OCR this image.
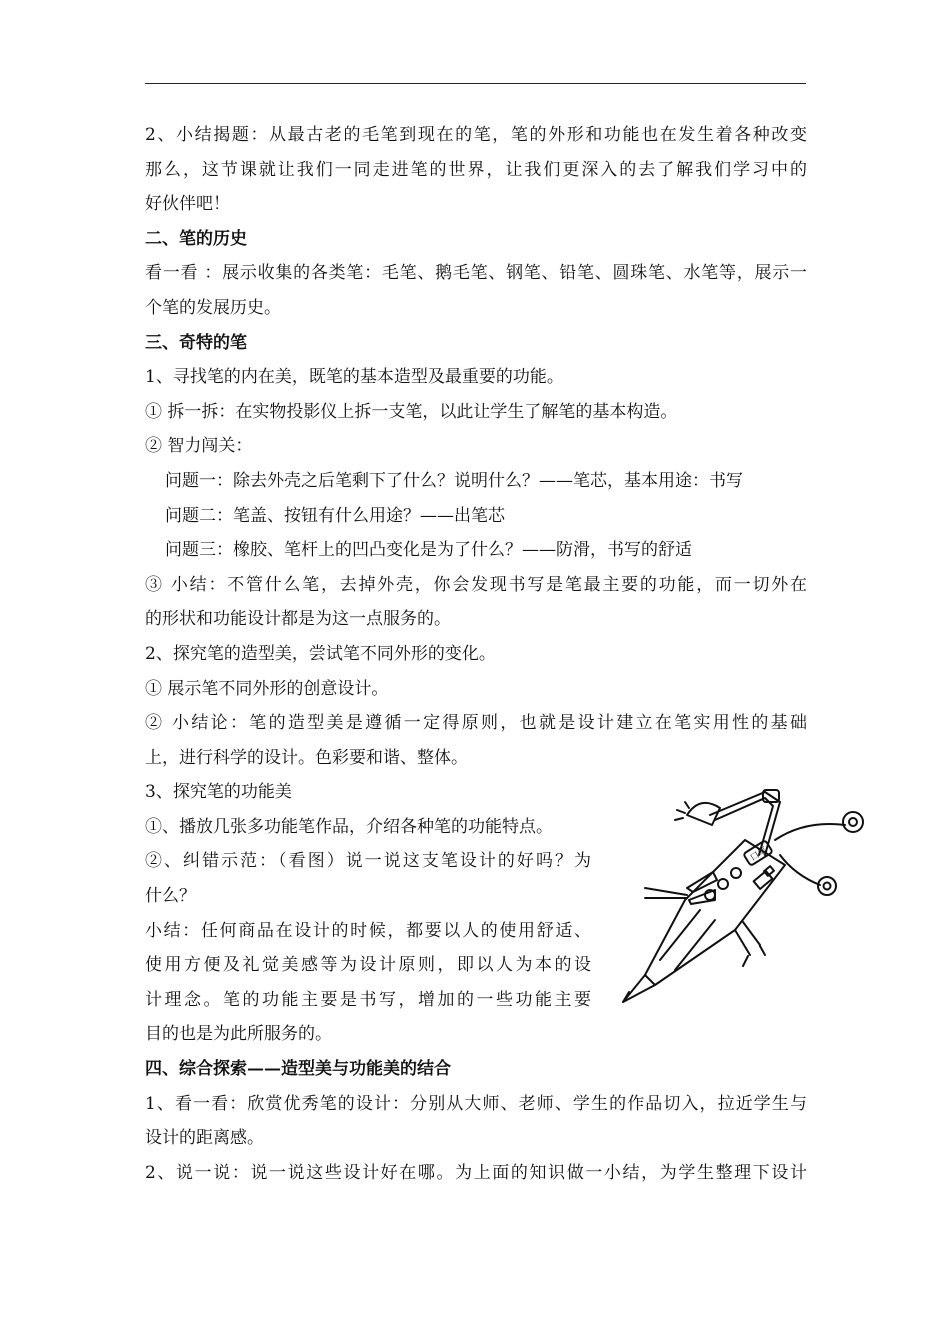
2、小结揭题：从最古老的毛笔到现在的笔，笔的外形和功能也在发生着各种改变
那么，这节课就让我们一同走进笔的世界，让我们更深入的去了解我们学习中的
好伙伴吧！
二、笔的历史
看一看 ：展示收集的各类笔：毛笔、鹅毛笔、钢笔、铅笔、圆珠笔、水笔等，展示一
个笔的发展历史。
三、奇特的笔
1、寻找笔的内在美，既笔的基本造型及最重要的功能。
① 拆一拆：在实物投影仪上拆一支笔，以此让学生了解笔的基本构造。
② 智力闯关：
问题一：除去外壳之后笔剩下了什么？说明什么？——笔芯，基本用途：书写
问题二：笔盖、按钮有什么用途？——出笔芯
问题三：橡胶、笔杆上的凹凸变化是为了什么？——防滑，书写的舒适
③ 小结：不管什么笔，去掉外壳，你会发现书写是笔最主要的功能，而一切外在
的形状和功能设计都是为这一点服务的。
2、探究笔的造型美，尝试笔不同外形的变化。
① 展示笔不同外形的创意设计。
② 小结论：笔的造型美是遵循一定得原则，也就是设计建立在笔实用性的基础
上，进行科学的设计。色彩要和谐、整体。
3、探究笔的功能美
①、播放几张多功能笔作品，介绍各种笔的功能特点。
②、纠错示范：（看图）说一说这支笔设计的好吗？为
什么？
小结：任何商品在设计的时候，都要以人的使用舒适、
使用方便及礼觉美感等为设计原则，即以人为本的设
计理念。笔的功能主要是书写，增加的一些功能主要
目的也是为此所服务的。
四、综合探索——造型美与功能美的结合
1、看一看：欣赏优秀笔的设计：分别从大师、老师、学生的作品切入，拉近学生与
设计的距离感。
2、说一说：说一说这些设计好在哪。为上面的知识做一小结，为学生整理下设计
口笔
